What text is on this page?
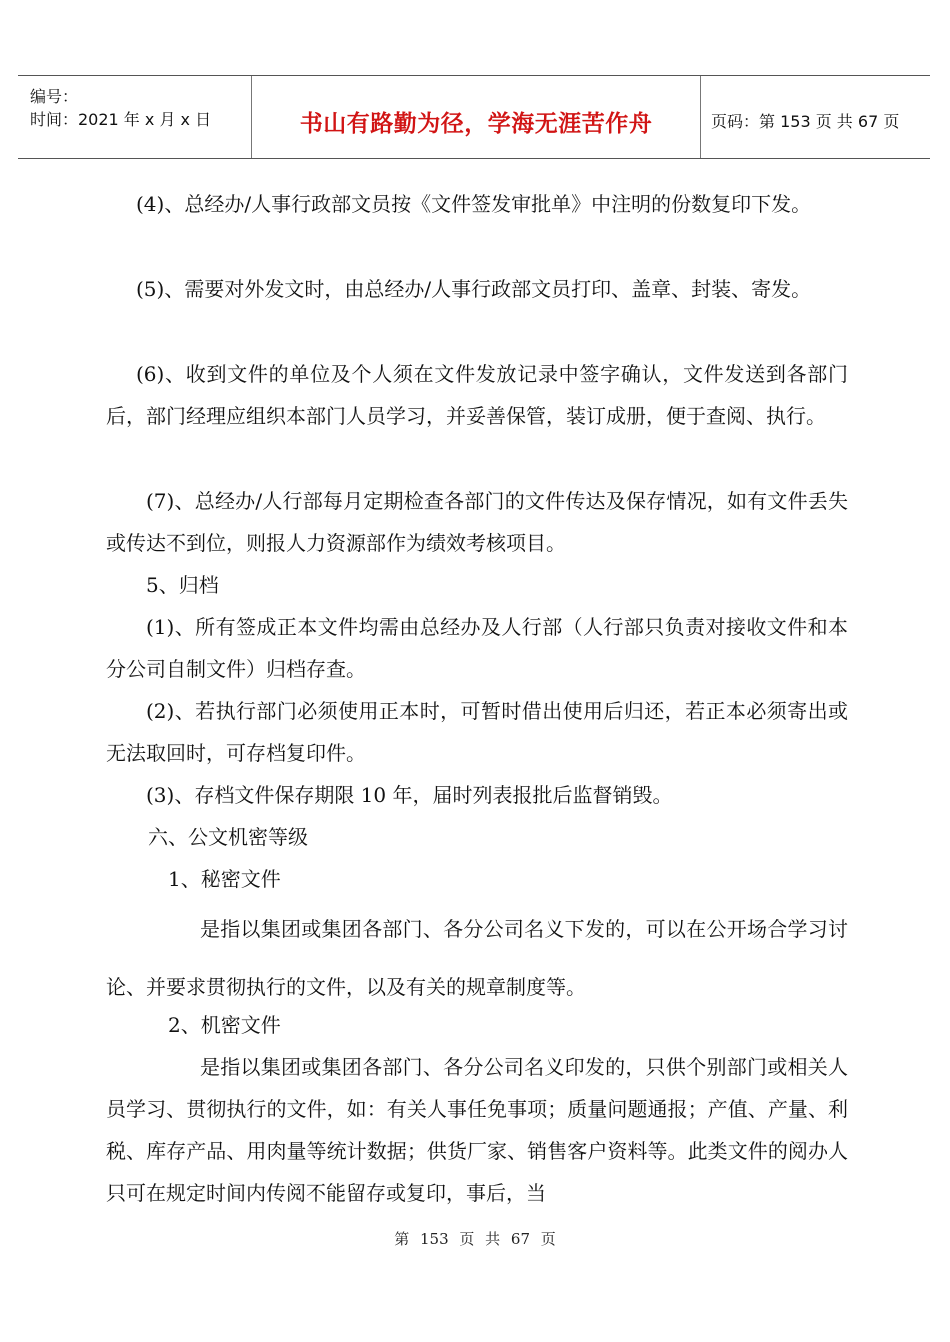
编号：
时间：2021 年 x 月 x 日	书山有路勤为径，学海无涯苦作舟	页码：第 153 页 共 67 页
(4)、总经办/人事行政部文员按《文件签发审批单》中注明的份数复印下发。
(5)、需要对外发文时，由总经办/人事行政部文员打印、盖章、封装、寄发。
(6)、收到文件的单位及个人须在文件发放记录中签字确认，文件发送到各部门后，部门经理应组织本部门人员学习，并妥善保管，装订成册，便于查阅、执行。
(7)、总经办/人行部每月定期检查各部门的文件传达及保存情况，如有文件丢失或传达不到位，则报人力资源部作为绩效考核项目。
5、归档
(1)、所有签成正本文件均需由总经办及人行部（人行部只负责对接收文件和本分公司自制文件）归档存查。
(2)、若执行部门必须使用正本时，可暂时借出使用后归还，若正本必须寄出或无法取回时，可存档复印件。
(3)、存档文件保存期限 10 年，届时列表报批后监督销毁。
六、公文机密等级
1、秘密文件
是指以集团或集团各部门、各分公司名义下发的，可以在公开场合学习讨论、并要求贯彻执行的文件，以及有关的规章制度等。
2、机密文件
是指以集团或集团各部门、各分公司名义印发的，只供个别部门或相关人员学习、贯彻执行的文件，如：有关人事任免事项；质量问题通报；产值、产量、利税、库存产品、用肉量等统计数据；供货厂家、销售客户资料等。此类文件的阅办人只可在规定时间内传阅不能留存或复印，事后，当
第 153 页 共 67 页
